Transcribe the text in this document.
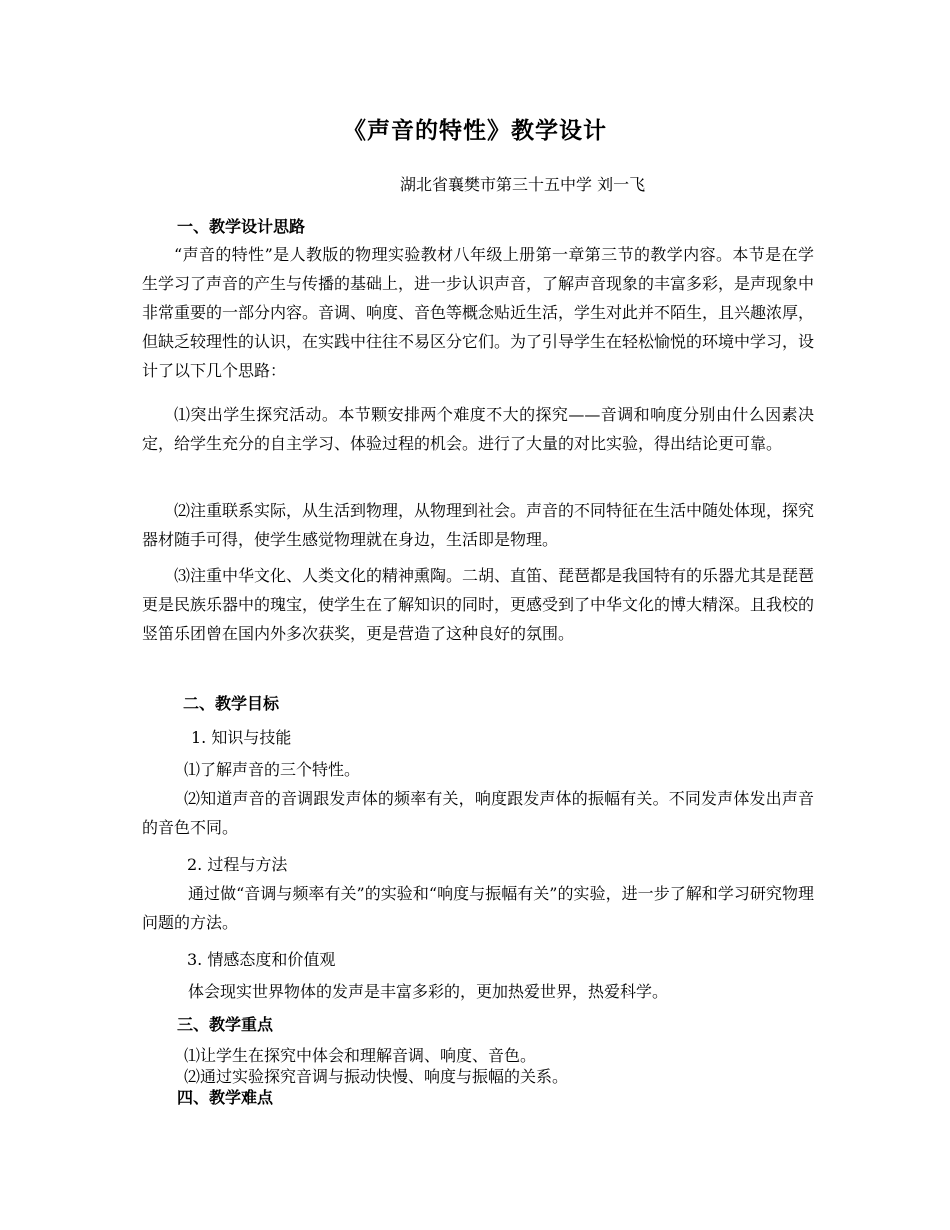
《声音的特性》教学设计
湖北省襄樊市第三十五中学 刘一飞
一、教学设计思路

“声音的特性”是人教版的物理实验教材八年级上册第一章第三节的教学内容。本节是在学生学习了声音的产生与传播的基础上，进一步认识声音，了解声音现象的丰富多彩，是声现象中非常重要的一部分内容。音调、响度、音色等概念贴近生活，学生对此并不陌生，且兴趣浓厚，但缺乏较理性的认识，在实践中往往不易区分它们。为了引导学生在轻松愉悦的环境中学习，设计了以下几个思路：

⑴突出学生探究活动。本节颗安排两个难度不大的探究——音调和响度分别由什么因素决定，给学生充分的自主学习、体验过程的机会。进行了大量的对比实验，得出结论更可靠。

⑵注重联系实际，从生活到物理，从物理到社会。声音的不同特征在生活中随处体现，探究器材随手可得，使学生感觉物理就在身边，生活即是物理。

⑶注重中华文化、人类文化的精神熏陶。二胡、直笛、琵琶都是我国特有的乐器尤其是琵琶更是民族乐器中的瑰宝，使学生在了解知识的同时，更感受到了中华文化的博大精深。且我校的竖笛乐团曾在国内外多次获奖，更是营造了这种良好的氛围。

二、教学目标
1. 知识与技能
⑴了解声音的三个特性。

⑵知道声音的音调跟发声体的频率有关，响度跟发声体的振幅有关。不同发声体发出声音的音色不同。

2. 过程与方法

通过做“音调与频率有关”的实验和“响度与振幅有关”的实验，进一步了解和学习研究物理问题的方法。

3. 情感态度和价值观
体会现实世界物体的发声是丰富多彩的，更加热爱世界，热爱科学。
三、教学重点
⑴让学生在探究中体会和理解音调、响度、音色。
⑵通过实验探究音调与振动快慢、响度与振幅的关系。
四、教学难点
